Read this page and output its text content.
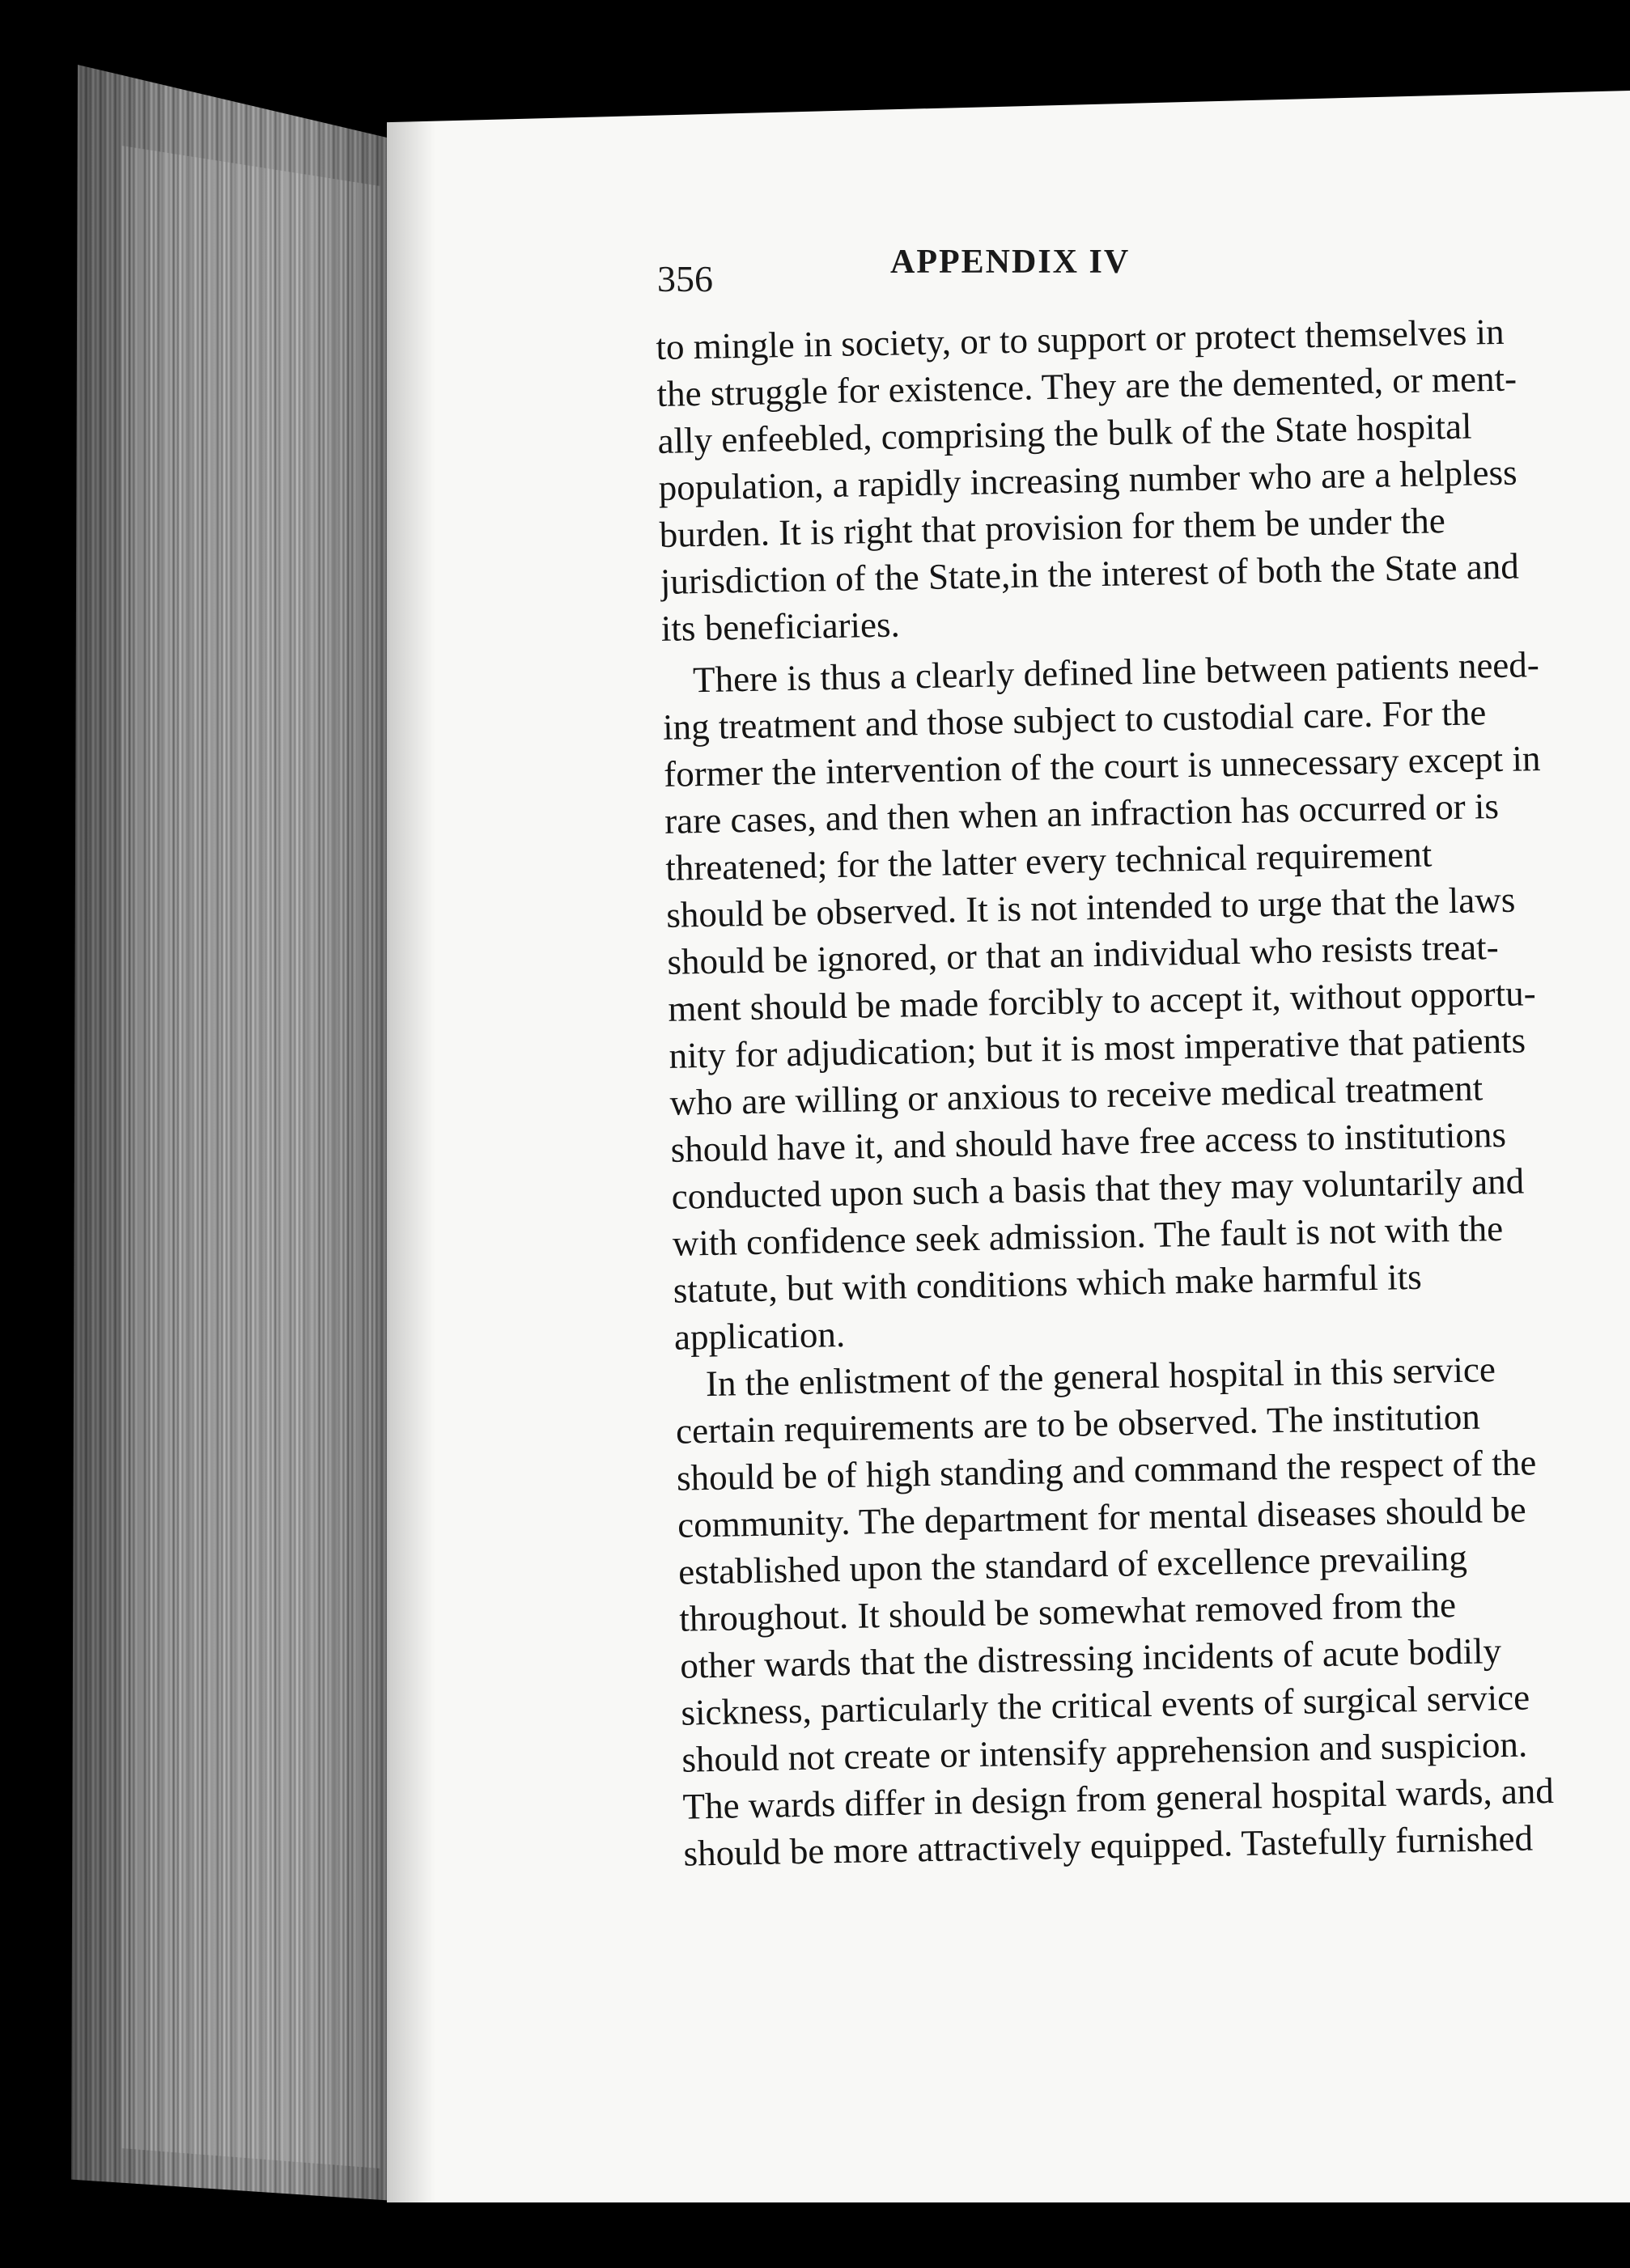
356	APPENDIX IV
to mingle in society, or to support or protect themselves in
the struggle for existence. They are the demented, or ment-
ally enfeebled, comprising the bulk of the State hospital
population, a rapidly increasing number who are a helpless
burden. It is right that provision for them be under the
jurisdiction of the State,in the interest of both the State and
its beneficiaries.
There is thus a clearly defined line between patients need-
ing treatment and those subject to custodial care. For the
former the intervention of the court is unnecessary except in
rare cases, and then when an infraction has occurred or is
threatened; for the latter every technical requirement
should be observed. It is not intended to urge that the laws
should be ignored, or that an individual who resists treat-
ment should be made forcibly to accept it, without opportu-
nity for adjudication; but it is most imperative that patients
who are willing or anxious to receive medical treatment
should have it, and should have free access to institutions
conducted upon such a basis that they may voluntarily and
with confidence seek admission. The fault is not with the
statute, but with conditions which make harmful its
application.
In the enlistment of the general hospital in this service
certain requirements are to be observed. The institution
should be of high standing and command the respect of the
community. The department for mental diseases should be
established upon the standard of excellence prevailing
throughout. It should be somewhat removed from the
other wards that the distressing incidents of acute bodily
sickness, particularly the critical events of surgical service
should not create or intensify apprehension and suspicion.
The wards differ in design from general hospital wards, and
should be more attractively equipped. Tastefully furnished
